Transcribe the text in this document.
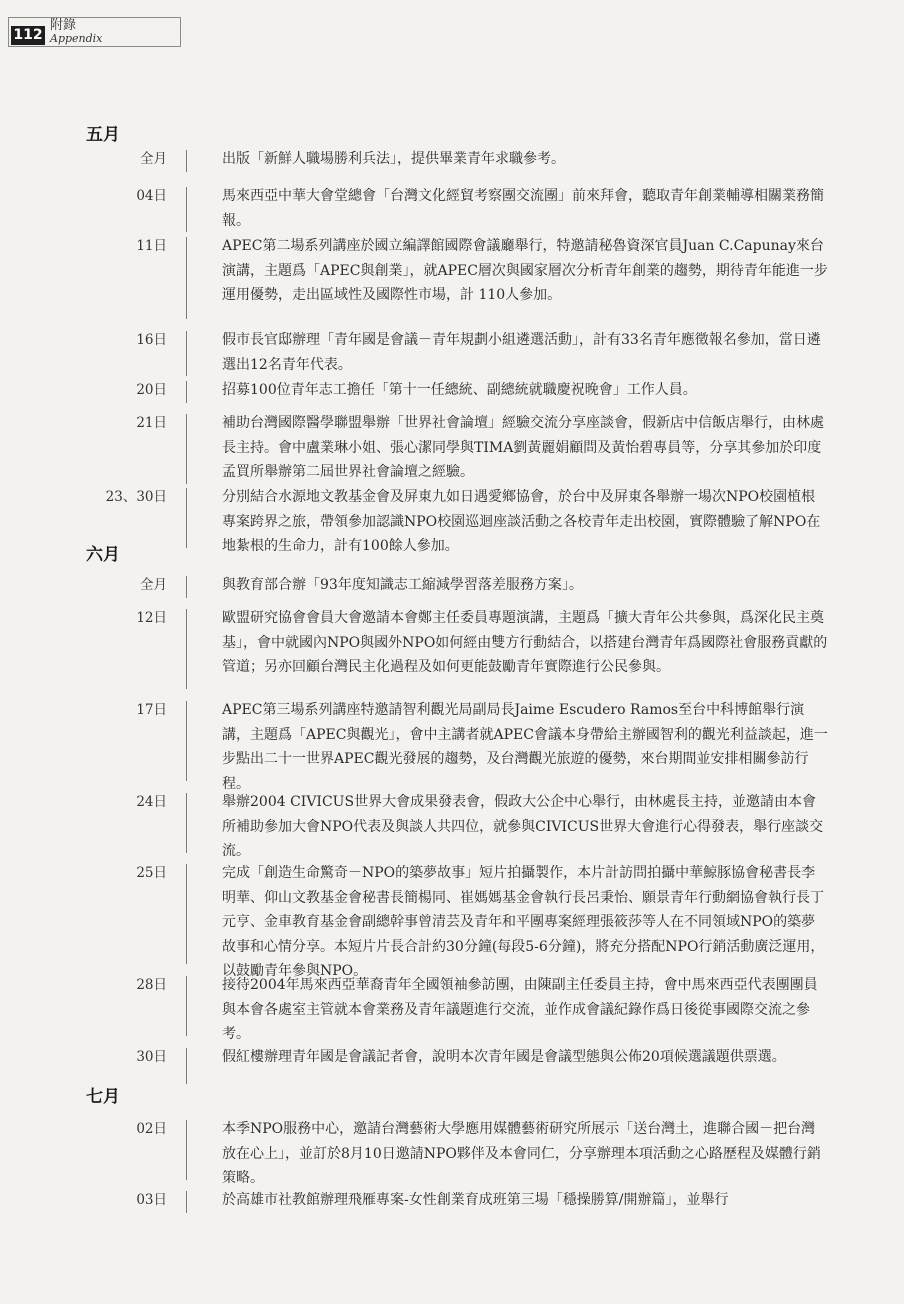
112
附錄
Appendix
五月
六月
七月
全月	出版「新鮮人職場勝利兵法」，提供畢業青年求職參考。
04日	馬來西亞中華大會堂總會「台灣文化經貿考察團交流團」前來拜會，聽取青年創業輔導相關業務簡報。
11日	APEC第二場系列講座於國立編譯館國際會議廳舉行，特邀請秘魯資深官員Juan C.Capunay來台演講，主題爲「APEC與創業」，就APEC層次與國家層次分析青年創業的趨勢，期待青年能進一步運用優勢，走出區域性及國際性市場，計 110人參加。
16日	假市長官邸辦理「青年國是會議－青年規劃小組遴選活動」，計有33名青年應徵報名參加，當日遴選出12名青年代表。
20日	招募100位青年志工擔任「第十一任總統、副總統就職慶祝晚會」工作人員。
21日	補助台灣國際醫學聯盟舉辦「世界社會論壇」經驗交流分享座談會，假新店中信飯店舉行，由林處長主持。會中盧業琳小姐、張心潔同學與TIMA劉黃麗娟顧問及黃怡碧專員等，分享其參加於印度孟買所舉辦第二屆世界社會論壇之經驗。
23、30日	分別結合水源地文教基金會及屏東九如日遇愛鄉協會，於台中及屏東各舉辦一場次NPO校園植根專案跨界之旅，帶領參加認識NPO校園巡迴座談活動之各校青年走出校園，實際體驗了解NPO在地紮根的生命力，計有100餘人參加。
全月	與教育部合辦「93年度知識志工縮減學習落差服務方案」。
12日	歐盟研究協會會員大會邀請本會鄭主任委員專題演講，主題爲「擴大青年公共參與，爲深化民主奠基」，會中就國內NPO與國外NPO如何經由雙方行動結合，以搭建台灣青年爲國際社會服務貢獻的管道；另亦回顧台灣民主化過程及如何更能鼓勵青年實際進行公民參與。
17日	APEC第三場系列講座特邀請智利觀光局副局長Jaime Escudero Ramos至台中科博館舉行演講，主題爲「APEC與觀光」，會中主講者就APEC會議本身帶給主辦國智利的觀光利益談起，進一步點出二十一世界APEC觀光發展的趨勢，及台灣觀光旅遊的優勢，來台期間並安排相關參訪行程。
24日	舉辦2004 CIVICUS世界大會成果發表會，假政大公企中心舉行，由林處長主持，並邀請由本會所補助參加大會NPO代表及與談人共四位，就參與CIVICUS世界大會進行心得發表，舉行座談交流。
25日	完成「創造生命驚奇－NPO的築夢故事」短片拍攝製作，本片計訪問拍攝中華鯨豚協會秘書長李明華、仰山文教基金會秘書長簡楊同、崔媽媽基金會執行長呂秉怡、願景青年行動網協會執行長丁元亨、金車教育基金會副總幹事曾清芸及青年和平團專案經理張筱莎等人在不同領域NPO的築夢故事和心情分享。本短片片長合計約30分鐘(每段5-6分鐘)，將充分搭配NPO行銷活動廣泛運用，以鼓勵青年參與NPO。
28日	接待2004年馬來西亞華裔青年全國領袖參訪團，由陳副主任委員主持，會中馬來西亞代表團團員與本會各處室主管就本會業務及青年議題進行交流，並作成會議紀錄作爲日後從事國際交流之參考。
30日	假紅樓辦理青年國是會議記者會，說明本次青年國是會議型態與公佈20項候選議題供票選。
02日	本季NPO服務中心，邀請台灣藝術大學應用媒體藝術研究所展示「送台灣土，進聯合國－把台灣放在心上」，並訂於8月10日邀請NPO夥伴及本會同仁，分享辦理本項活動之心路歷程及媒體行銷策略。
03日	於高雄市社教館辦理飛雁專案-女性創業育成班第三場「穩操勝算/開辦篇」，並舉行
